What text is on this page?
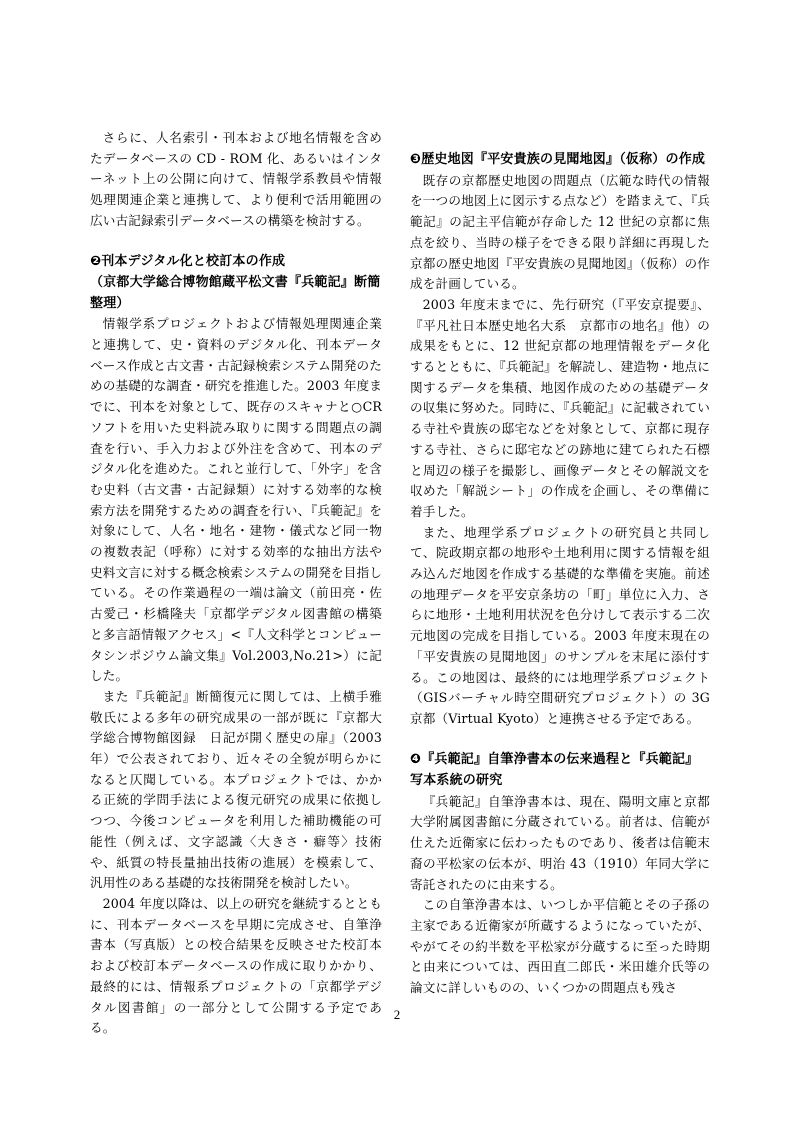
さらに、人名索引・刊本および地名情報を含めたデータベースの CD - ROM 化、あるいはインターネット上の公開に向けて、情報学系教員や情報処理関連企業と連携して、より便利で活用範囲の広い古記録索引データベースの構築を検討する。

❷刊本デジタル化と校訂本の作成

（京都大学総合博物館蔵平松文書『兵範記』断簡整理）

情報学系プロジェクトおよび情報処理関連企業と連携して、史・資料のデジタル化、刊本データベース作成と古文書・古記録検索システム開発のための基礎的な調査・研究を推進した。2003 年度までに、刊本を対象として、既存のスキャナと○CRソフトを用いた史料読み取りに関する問題点の調査を行い、手入力および外注を含めて、刊本のデジタル化を進めた。これと並行して、「外字」を含む史料（古文書・古記録類）に対する効率的な検索方法を開発するための調査を行い、『兵範記』を対象にして、人名・地名・建物・儀式など同一物の複数表記（呼称）に対する効率的な抽出方法や史料文言に対する概念検索システムの開発を目指している。その作業過程の一端は論文（前田亮・佐古愛己・杉橋隆夫「京都学デジタル図書館の構築と多言語情報アクセス」<『人文科学とコンピュータシンポジウム論文集』Vol.2003,No.21>）に記した。

また『兵範記』断簡復元に関しては、上横手雅敬氏による多年の研究成果の一部が既に『京都大学総合博物館図録　日記が開く歴史の扉』（2003 年）で公表されており、近々その全貌が明らかになると仄聞している。本プロジェクトでは、かかる正統的学問手法による復元研究の成果に依拠しつつ、今後コンピュータを利用した補助機能の可能性（例えば、文字認識〈大きさ・癖等〉技術や、紙質の特長量抽出技術の進展）を模索して、汎用性のある基礎的な技術開発を検討したい。

2004 年度以降は、以上の研究を継続するとともに、刊本データベースを早期に完成させ、自筆浄書本（写真版）との校合結果を反映させた校訂本および校訂本データベースの作成に取りかかり、最終的には、情報系プロジェクトの「京都学デジタル図書館」の一部分として公開する予定である。

❸歴史地図『平安貴族の見聞地図』（仮称）の作成

既存の京都歴史地図の問題点（広範な時代の情報を一つの地図上に図示する点など）を踏まえて、『兵範記』の記主平信範が存命した 12 世紀の京都に焦点を絞り、当時の様子をできる限り詳細に再現した京都の歴史地図『平安貴族の見聞地図』（仮称）の作成を計画している。

2003 年度末までに、先行研究（『平安京提要』、『平凡社日本歴史地名大系　京都市の地名』他）の成果をもとに、12 世紀京都の地理情報をデータ化するとともに、『兵範記』を解読し、建造物・地点に関するデータを集積、地図作成のための基礎データの収集に努めた。同時に、『兵範記』に記載されている寺社や貴族の邸宅などを対象として、京都に現存する寺社、さらに邸宅などの跡地に建てられた石標と周辺の様子を撮影し、画像データとその解説文を収めた「解説シート」の作成を企画し、その準備に着手した。

また、地理学系プロジェクトの研究員と共同して、院政期京都の地形や土地利用に関する情報を組み込んだ地図を作成する基礎的な準備を実施。前述の地理データを平安京条坊の「町」単位に入力、さらに地形・土地利用状況を色分けして表示する二次元地図の完成を目指している。2003 年度末現在の「平安貴族の見聞地図」のサンプルを末尾に添付する。この地図は、最終的には地理学系プロジェクト（GISバーチャル時空間研究プロジェクト）の 3G 京都（Virtual Kyoto）と連携させる予定である。

❹『兵範記』自筆浄書本の伝来過程と『兵範記』写本系統の研究

『兵範記』自筆浄書本は、現在、陽明文庫と京都大学附属図書館に分蔵されている。前者は、信範が仕えた近衛家に伝わったものであり、後者は信範末裔の平松家の伝本が、明治 43（1910）年同大学に寄託されたのに由来する。

この自筆浄書本は、いつしか平信範とその子孫の主家である近衛家が所蔵するようになっていたが、やがてその約半数を平松家が分蔵するに至った時期と由来については、西田直二郎氏・米田雄介氏等の論文に詳しいものの、いくつかの問題点も残さ

2
